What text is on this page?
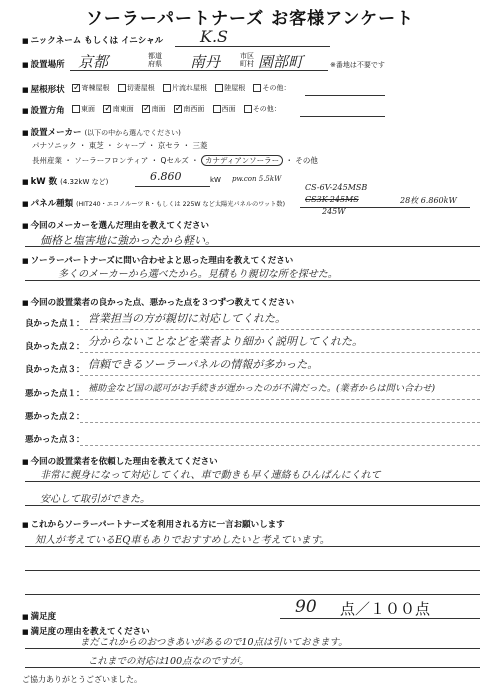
ソーラーパートナーズ お客様アンケート
■ ニックネーム もしくは イニシャル K.S
■ 設置場所 京都	都道
府県 南丹	市区
町村 園部町	※番地は不要です
■ 屋根形状 ✓寄棟屋根 切妻屋根 片流れ屋根 陸屋根 その他：
■ 設置方角	東面 ✓南東面 ✓南面 ✓南西面 西面 その他：
■ 設置メーカー (以下の中から選んでください)
パナソニック ・ 東芝 ・ シャープ ・ 京セラ ・ 三菱
長州産業 ・ ソーラーフロンティア ・ Qセルズ ・ カナディアンソーラー ・ その他
■ kW 数 (4.32kW など)	6.860	kW pw.con 5.5kW
CS-6V-245MSB
■ パネル種類 (HIT240・エコノルーツ R・もしくは 225W など太陽光パネルのワット数)
CS3K-245MS	28枚 6.860kW
245W
■ 今回のメーカーを選んだ理由を教えてください
価格と塩害地に強かったから軽い。
■ ソーラーパートナーズに問い合わせよと思った理由を教えてください
多くのメーカーから選べたから。見積もり親切な所を探せた。
■ 今回の設置業者の良かった点、悪かった点を３つずつ教えてください
良かった点１： 営業担当の方が親切に対応してくれた。
良かった点２： 分からないことなどを業者より細かく説明してくれた。
良かった点３： 信頼できるソーラーパネルの情報が多かった。
悪かった点１： 補助金など国の認可がお手続きが遅かったのが不満だった。(業者からは問い合わせ)
悪かった点２：
悪かった点３：
■ 今回の設置業者を依頼した理由を教えてください
非常に親身になって対応してくれ、車で動きも早く連絡もひんぱんにくれて
安心して取引ができた。
■ これからソーラーパートナーズを利用される方に一言お願いします
知人が考えているEQ車もありでおすすめしたいと考えています。
■ 満足度	90 点／１００点
■ 満足度の理由を教えてください
まだこれからのおつきあいがあるので10点は引いておきます。
これまでの対応は100点なのですが。
ご協力ありがとうございました。
